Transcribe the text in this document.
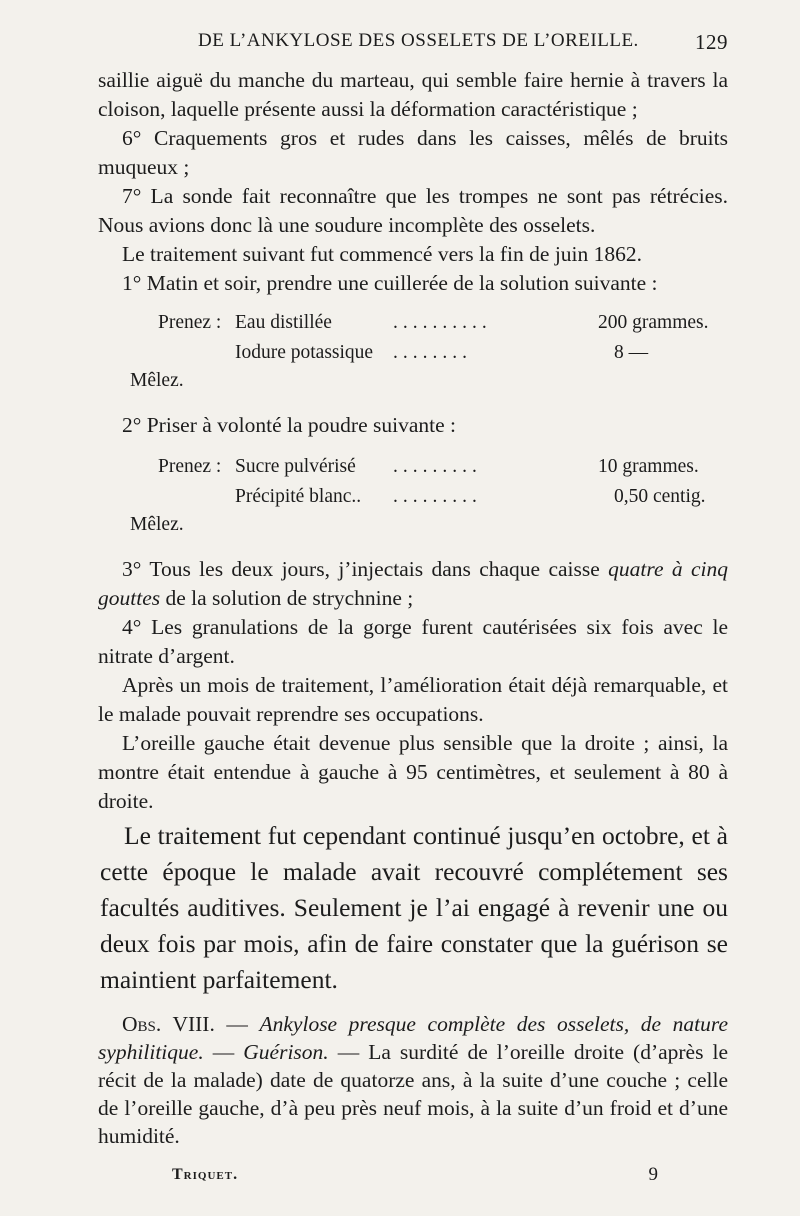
DE L’ANKYLOSE DES OSSELETS DE L’OREILLE.	129

saillie aiguë du manche du marteau, qui semble faire hernie à travers la cloison, laquelle présente aussi la déformation caractéristique ;

6° Craquements gros et rudes dans les caisses, mêlés de bruits muqueux ;

7° La sonde fait reconnaître que les trompes ne sont pas rétrécies. Nous avions donc là une soudure incomplète des osselets.

Le traitement suivant fut commencé vers la fin de juin 1862.

1° Matin et soir, prendre une cuillerée de la solution suivante :

Prenez : Eau distillée	..........	200 grammes.
Iodure potassique	........	8 —

Mêlez.

2° Priser à volonté la poudre suivante :

Prenez : Sucre pulvérisé	.........	10 grammes.
Précipité blanc..	.........	0,50 centig.

Mêlez.

3° Tous les deux jours, j’injectais dans chaque caisse quatre à cinq gouttes de la solution de strychnine ;

4° Les granulations de la gorge furent cautérisées six fois avec le nitrate d’argent.

Après un mois de traitement, l’amélioration était déjà remarquable, et le malade pouvait reprendre ses occupations.

L’oreille gauche était devenue plus sensible que la droite ; ainsi, la montre était entendue à gauche à 95 centimètres, et seulement à 80 à droite.

Le traitement fut cependant continué jusqu’en octobre, et à cette époque le malade avait recouvré complétement ses facultés auditives. Seulement je l’ai engagé à revenir une ou deux fois par mois, afin de faire constater que la guérison se maintient parfaitement.

Obs. VIII. — Ankylose presque complète des osselets, de nature syphilitique. — Guérison. — La surdité de l’oreille droite (d’après le récit de la malade) date de quatorze ans, à la suite d’une couche ; celle de l’oreille gauche, d’à peu près neuf mois, à la suite d’un froid et d’une humidité.

Triquet.	9
